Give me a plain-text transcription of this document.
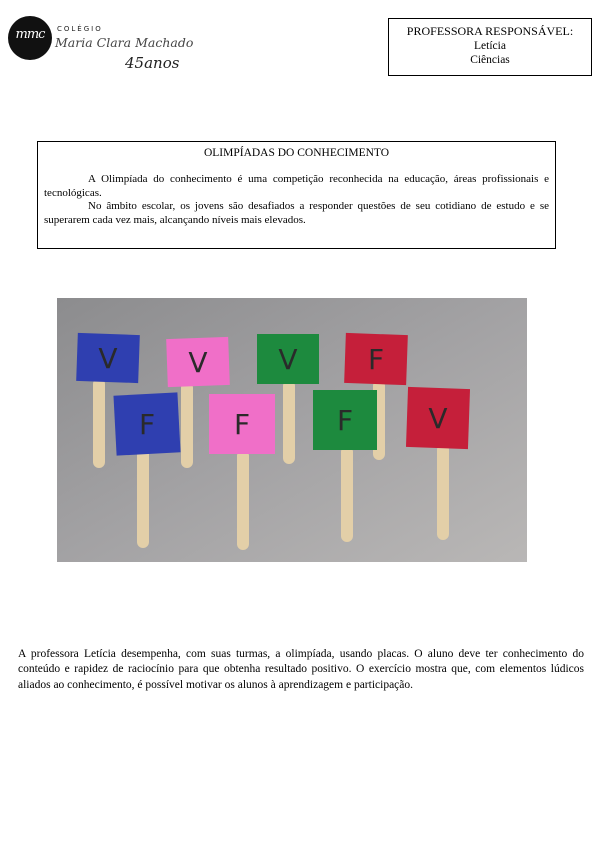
mmc	COLÉGIO
Maria Clara Machado
45anos
PROFESSORA RESPONSÁVEL:
Letícia
Ciências
OLIMPÍADAS DO CONHECIMENTO

A Olimpíada do conhecimento é uma competição reconhecida na educação, áreas profissionais e tecnológicas.

No âmbito escolar, os jovens são desafiados a responder questões de seu cotidiano de estudo e se superarem cada vez mais, alcançando níveis mais elevados.

V	V	V	F
F	F	F	V

A professora Letícia desempenha, com suas turmas, a olimpíada, usando placas. O aluno deve ter conhecimento do conteúdo e rapidez de raciocínio para que obtenha resultado positivo. O exercício mostra que, com elementos lúdicos aliados ao conhecimento, é possível motivar os alunos à aprendizagem e participação.
